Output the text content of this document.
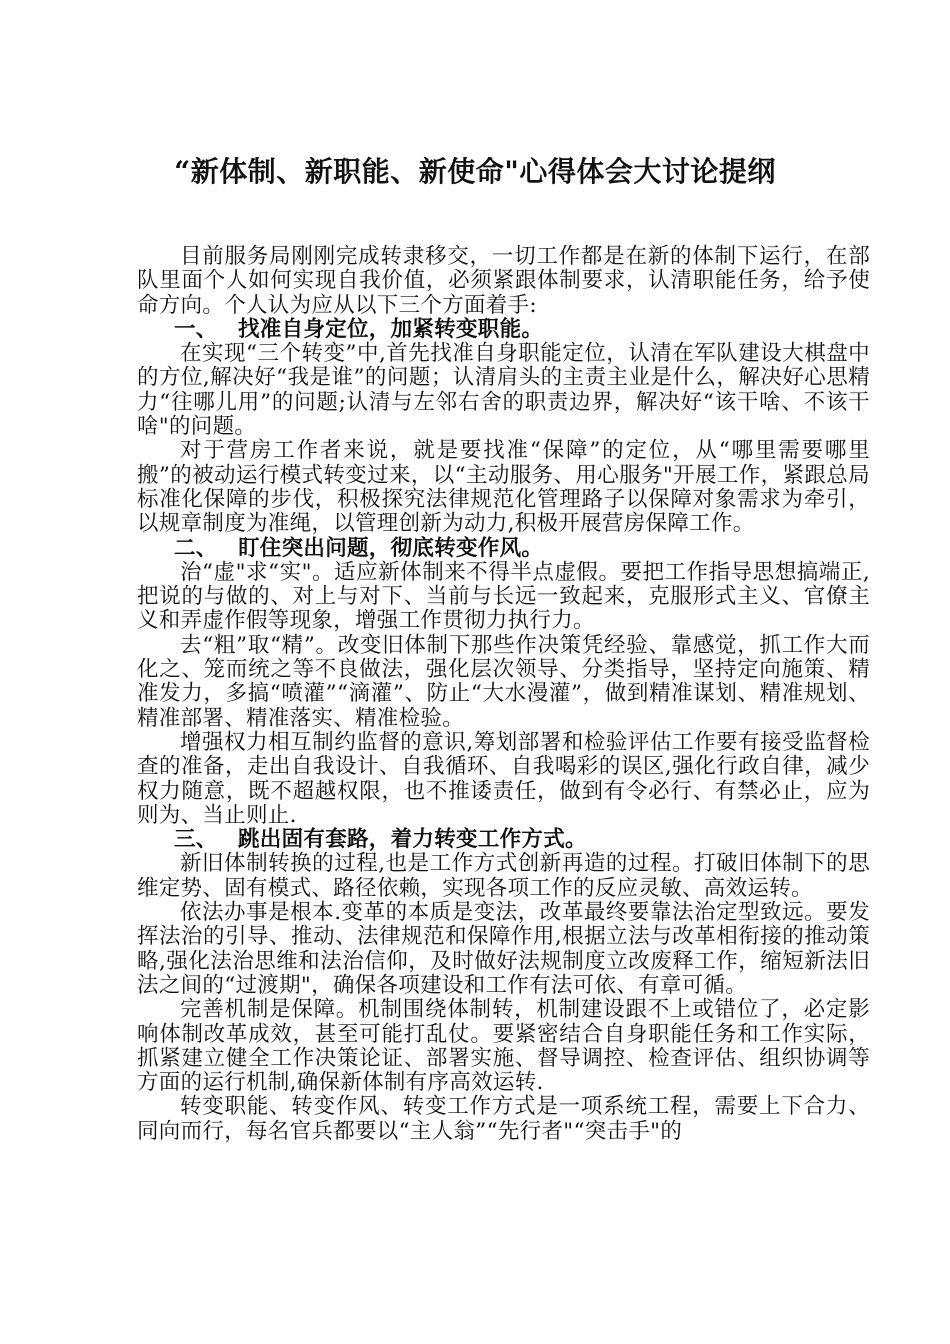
“新体制、新职能、新使命"心得体会大讨论提纲

目前服务局刚刚完成转隶移交，一切工作都是在新的体制下运行，在部队里面个人如何实现自我价值，必须紧跟体制要求，认清职能任务，给予使命方向。个人认为应从以下三个方面着手:

一、 找准自身定位，加紧转变职能。

在实现“三个转变”中,首先找准自身职能定位，认清在军队建设大棋盘中的方位,解决好“我是谁”的问题；认清肩头的主责主业是什么，解决好心思精力“往哪儿用”的问题;认清与左邻右舍的职责边界，解决好“该干啥、不该干啥"的问题。

对于营房工作者来说，就是要找准“保障”的定位，从“哪里需要哪里搬”的被动运行模式转变过来，以“主动服务、用心服务"开展工作，紧跟总局标准化保障的步伐，积极探究法律规范化管理路子以保障对象需求为牵引，以规章制度为准绳，以管理创新为动力,积极开展营房保障工作。

二、 盯住突出问题，彻底转变作风。

治“虚"求“实"。适应新体制来不得半点虚假。要把工作指导思想搞端正,把说的与做的、对上与对下、当前与长远一致起来，克服形式主义、官僚主义和弄虚作假等现象，增强工作贯彻力执行力。

去“粗”取“精”。改变旧体制下那些作决策凭经验、靠感觉，抓工作大而化之、笼而统之等不良做法，强化层次领导、分类指导，坚持定向施策、精准发力，多搞“喷灌”“滴灌”、防止“大水漫灌”，做到精准谋划、精准规划、精准部署、精准落实、精准检验。

增强权力相互制约监督的意识,筹划部署和检验评估工作要有接受监督检查的准备，走出自我设计、自我循环、自我喝彩的误区,强化行政自律，减少权力随意，既不超越权限，也不推诿责任，做到有令必行、有禁必止，应为则为、当止则止.

三、 跳出固有套路，着力转变工作方式。

新旧体制转换的过程,也是工作方式创新再造的过程。打破旧体制下的思维定势、固有模式、路径依赖，实现各项工作的反应灵敏、高效运转。

依法办事是根本.变革的本质是变法，改革最终要靠法治定型致远。要发挥法治的引导、推动、法律规范和保障作用,根据立法与改革相衔接的推动策略,强化法治思维和法治信仰，及时做好法规制度立改废释工作，缩短新法旧法之间的“过渡期"，确保各项建设和工作有法可依、有章可循。

完善机制是保障。机制围绕体制转，机制建设跟不上或错位了，必定影响体制改革成效，甚至可能打乱仗。要紧密结合自身职能任务和工作实际，抓紧建立健全工作决策论证、部署实施、督导调控、检查评估、组织协调等方面的运行机制,确保新体制有序高效运转.

转变职能、转变作风、转变工作方式是一项系统工程，需要上下合力、同向而行，每名官兵都要以“主人翁”“先行者"“突击手"的
